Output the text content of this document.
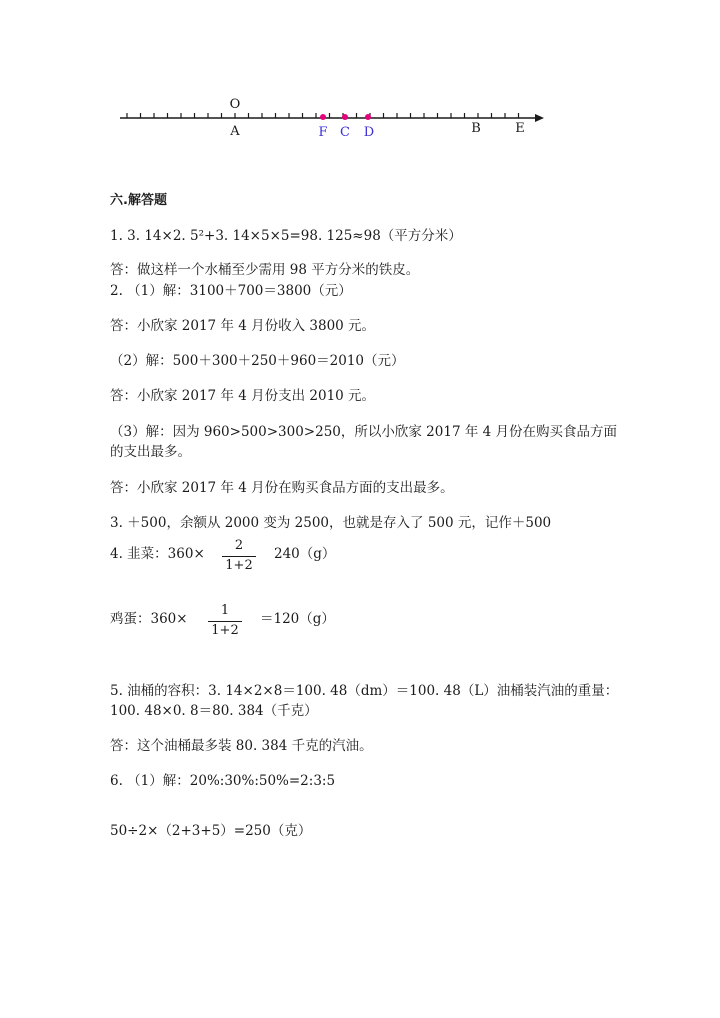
O
A	B	E
F C D
六.解答题
1. 3. 14×2. 5²+3. 14×5×5=98. 125≈98（平方分米）
答：做这样一个水桶至少需用 98 平方分米的铁皮。
2. （1）解：3100＋700＝3800（元）
答：小欣家 2017 年 4 月份收入 3800 元。
（2）解：500＋300＋250＋960＝2010（元）
答：小欣家 2017 年 4 月份支出 2010 元。
（3）解：因为 960>500>300>250，所以小欣家 2017 年 4 月份在购买食品方面
的支出最多。
答：小欣家 2017 年 4 月份在购买食品方面的支出最多。
3. ＋500，余额从 2000 变为 2500，也就是存入了 500 元，记作＋500
4. 韭菜：360×
2
1+2
240（g）
鸡蛋：360×
1
1+2
＝120（g）
5. 油桶的容积：3. 14×2×8＝100. 48（dm）＝100. 48（L）油桶装汽油的重量：
100. 48×0. 8＝80. 384（千克）
答：这个油桶最多装 80. 384 千克的汽油。
6. （1）解：20%:30%:50%=2:3:5
50÷2×（2+3+5）=250（克）
